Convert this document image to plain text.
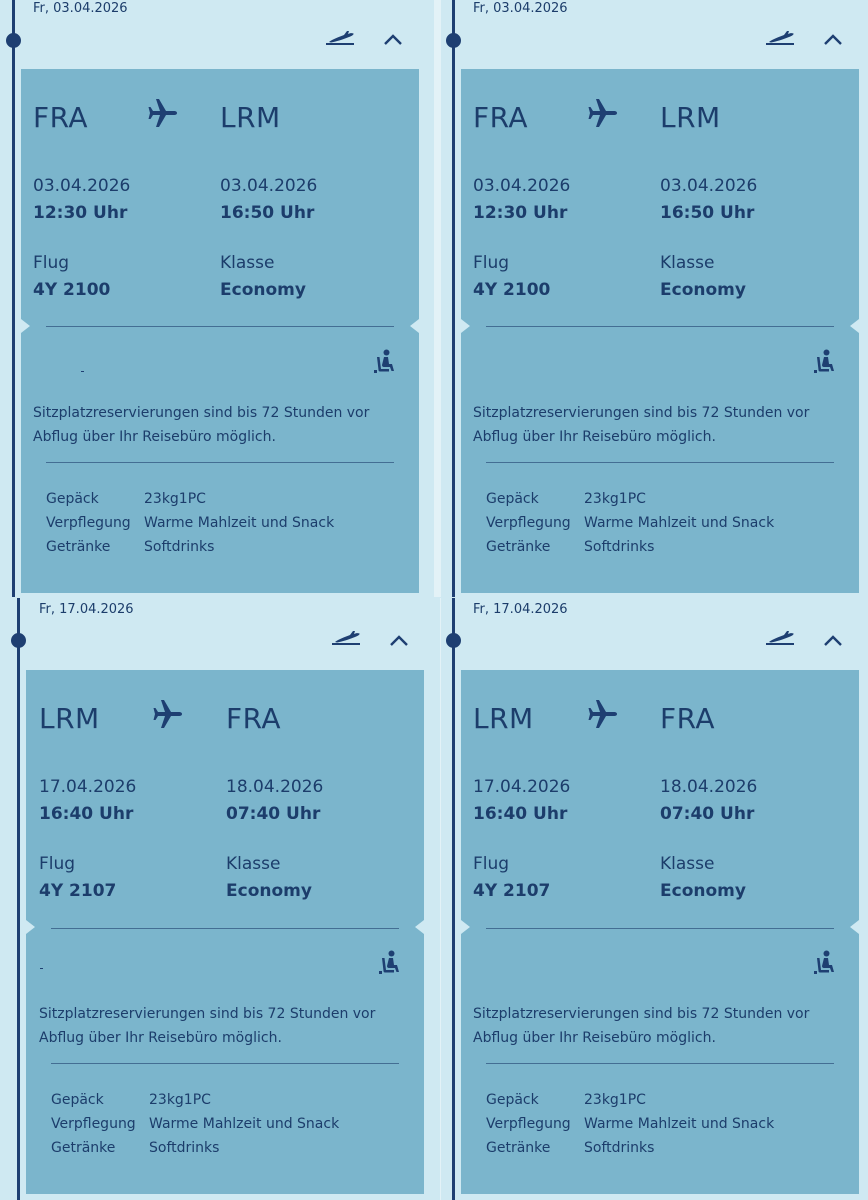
Fr, 03.04.2026
FRA	LRM
03.04.2026
12:30 Uhr
03.04.2026
16:50 Uhr
Flug
4Y 2100
Klasse
Economy
Sitzplatzreservierungen sind bis 72 Stunden vor Abflug über Ihr Reisebüro möglich.
Gepäck	23kg1PC
Verpflegung Warme Mahlzeit und Snack
Getränke	Softdrinks
Fr, 03.04.2026
FRA	LRM
03.04.2026
12:30 Uhr
03.04.2026
16:50 Uhr
Flug
4Y 2100
Klasse
Economy
Sitzplatzreservierungen sind bis 72 Stunden vor Abflug über Ihr Reisebüro möglich.
Gepäck	23kg1PC
Verpflegung Warme Mahlzeit und Snack
Getränke	Softdrinks
Fr, 17.04.2026
LRM	FRA
17.04.2026
16:40 Uhr
18.04.2026
07:40 Uhr
Flug
4Y 2107
Klasse
Economy
Sitzplatzreservierungen sind bis 72 Stunden vor Abflug über Ihr Reisebüro möglich.
Gepäck	23kg1PC
Verpflegung Warme Mahlzeit und Snack
Getränke	Softdrinks
Fr, 17.04.2026
LRM	FRA
17.04.2026
16:40 Uhr
18.04.2026
07:40 Uhr
Flug
4Y 2107
Klasse
Economy
Sitzplatzreservierungen sind bis 72 Stunden vor Abflug über Ihr Reisebüro möglich.
Gepäck	23kg1PC
Verpflegung Warme Mahlzeit und Snack
Getränke	Softdrinks
